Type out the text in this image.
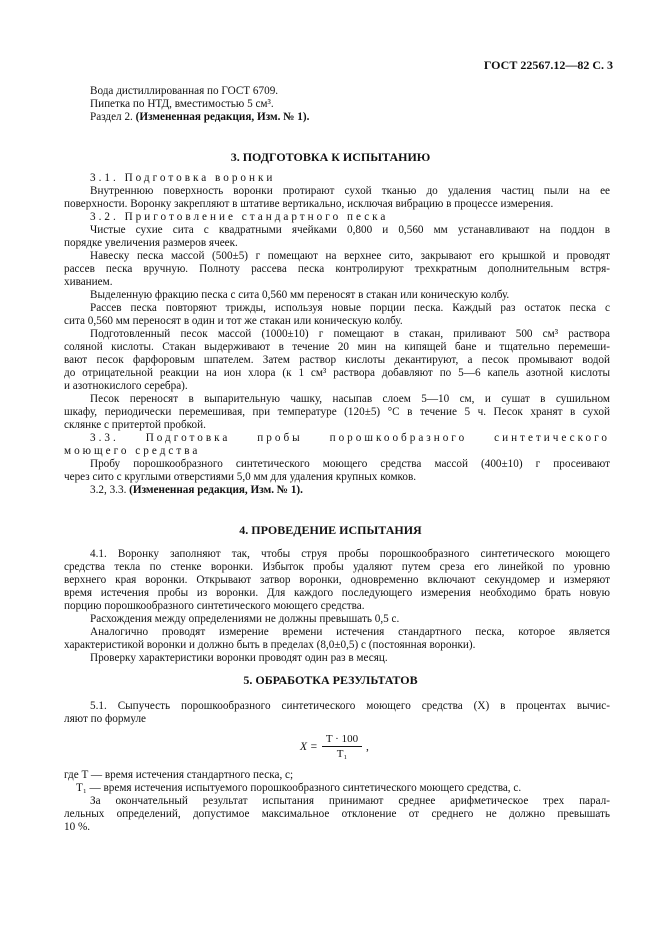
ГОСТ 22567.12—82 С. 3
Вода дистиллированная по ГОСТ 6709.
Пипетка по НТД, вместимостью 5 см³.
Раздел 2. (Измененная редакция, Изм. № 1).
3. ПОДГОТОВКА К ИСПЫТАНИЮ
3.1. Подготовка воронки
Внутреннюю поверхность воронки протирают сухой тканью до удаления частиц пыли на ее
поверхности. Воронку закрепляют в штативе вертикально, исключая вибрацию в процессе измерения.
3.2. Приготовление стандартного песка
Чистые сухие сита с квадратными ячейками 0,800 и 0,560 мм устанавливают на поддон в
порядке увеличения размеров ячеек.
Навеску песка массой (500±5) г помещают на верхнее сито, закрывают его крышкой и проводят
рассев песка вручную. Полноту рассева песка контролируют трехкратным дополнительным встря-
хиванием.
Выделенную фракцию песка с сита 0,560 мм переносят в стакан или коническую колбу.
Рассев песка повторяют трижды, используя новые порции песка. Каждый раз остаток песка с
сита 0,560 мм переносят в один и тот же стакан или коническую колбу.
Подготовленный песок массой (1000±10) г помещают в стакан, приливают 500 см³ раствора
соляной кислоты. Стакан выдерживают в течение 20 мин на кипящей бане и тщательно перемеши-
вают песок фарфоровым шпателем. Затем раствор кислоты декантируют, а песок промывают водой
до отрицательной реакции на ион хлора (к 1 см³ раствора добавляют по 5—6 капель азотной кислоты
и азотнокислого серебра).
Песок переносят в выпарительную чашку, насыпав слоем 5—10 см, и сушат в сушильном
шкафу, периодически перемешивая, при температуре (120±5) °С в течение 5 ч. Песок хранят в сухой
склянке с притертой пробкой.
3.3. Подготовка пробы порошкообразного синтетического
моющего средства
Пробу порошкообразного синтетического моющего средства массой (400±10) г просеивают
через сито с круглыми отверстиями 5,0 мм для удаления крупных комков.
3.2, 3.3. (Измененная редакция, Изм. № 1).
4. ПРОВЕДЕНИЕ ИСПЫТАНИЯ
4.1. Воронку заполняют так, чтобы струя пробы порошкообразного синтетического моющего
средства текла по стенке воронки. Избыток пробы удаляют путем среза его линейкой по уровню
верхнего края воронки. Открывают затвор воронки, одновременно включают секундомер и измеряют
время истечения пробы из воронки. Для каждого последующего измерения необходимо брать новую
порцию порошкообразного синтетического моющего средства.
Расхождения между определениями не должны превышать 0,5 с.
Аналогично проводят измерение времени истечения стандартного песка, которое является
характеристикой воронки и должно быть в пределах (8,0±0,5) с (постоянная воронки).
Проверку характеристики воронки проводят один раз в месяц.
5. ОБРАБОТКА РЕЗУЛЬТАТОВ
5.1. Сыпучесть порошкообразного синтетического моющего средства (X) в процентах вычис-
ляют по формуле
$X = \frac{T \cdot 100}{\text{T₁}}$ ,
где T — время истечения стандартного песка, с;
T₁ — время истечения испытуемого порошкообразного синтетического моющего средства, с.
За окончательный результат испытания принимают среднее арифметическое трех парал-
лельных определений, допустимое максимальное отклонение от среднего не должно превышать
10 %.
